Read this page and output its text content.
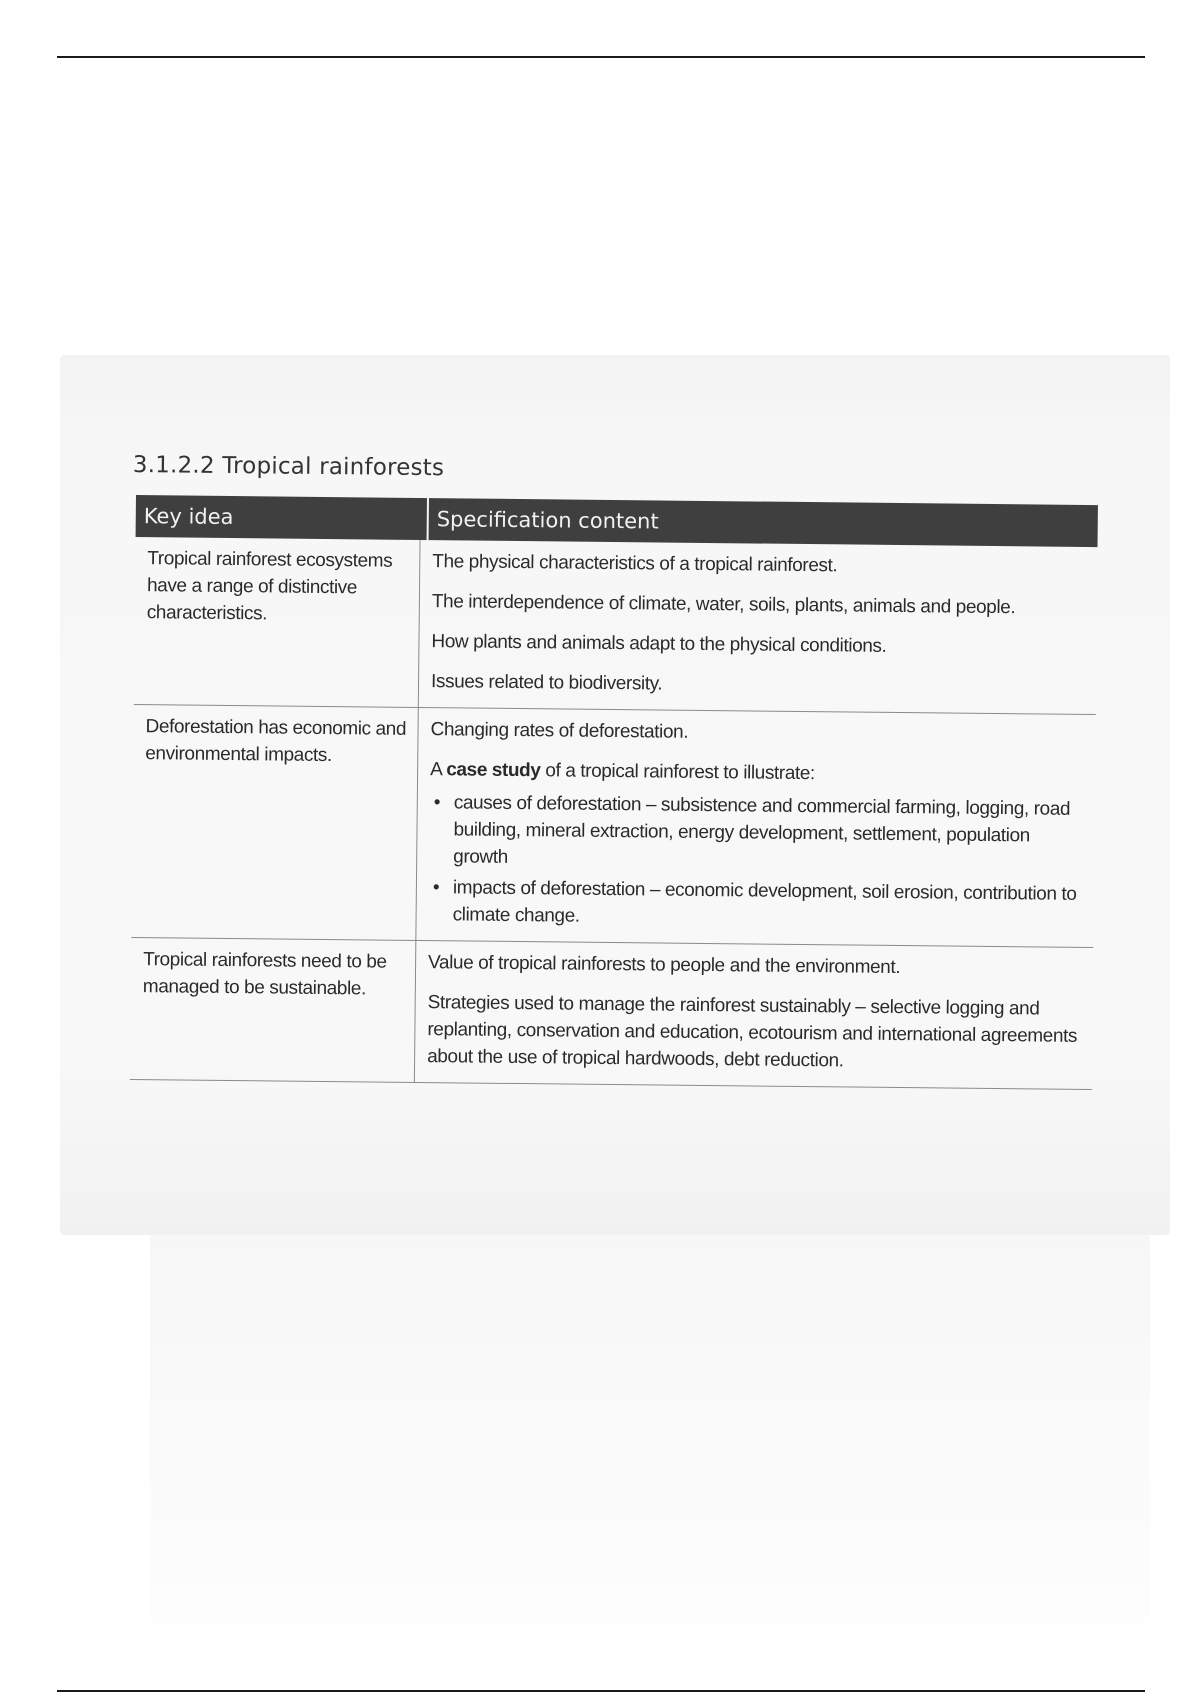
3.1.2.2 Tropical rainforests
Key idea	Specification content
Tropical rainforest ecosystems have a range of distinctive characteristics.

The physical characteristics of a tropical rainforest.

The interdependence of climate, water, soils, plants, animals and people.

How plants and animals adapt to the physical conditions.

Issues related to biodiversity.

Deforestation has economic and environmental impacts.

Changing rates of deforestation.

A case study of a tropical rainforest to illustrate:

• causes of deforestation – subsistence and commercial farming, logging, road building, mineral extraction, energy development, settlement, population growth
• impacts of deforestation – economic development, soil erosion, contribution to climate change.
Tropical rainforests need to be managed to be sustainable.

Value of tropical rainforests to people and the environment.

Strategies used to manage the rainforest sustainably – selective logging and replanting, conservation and education, ecotourism and international agreements about the use of tropical hardwoods, debt reduction.
